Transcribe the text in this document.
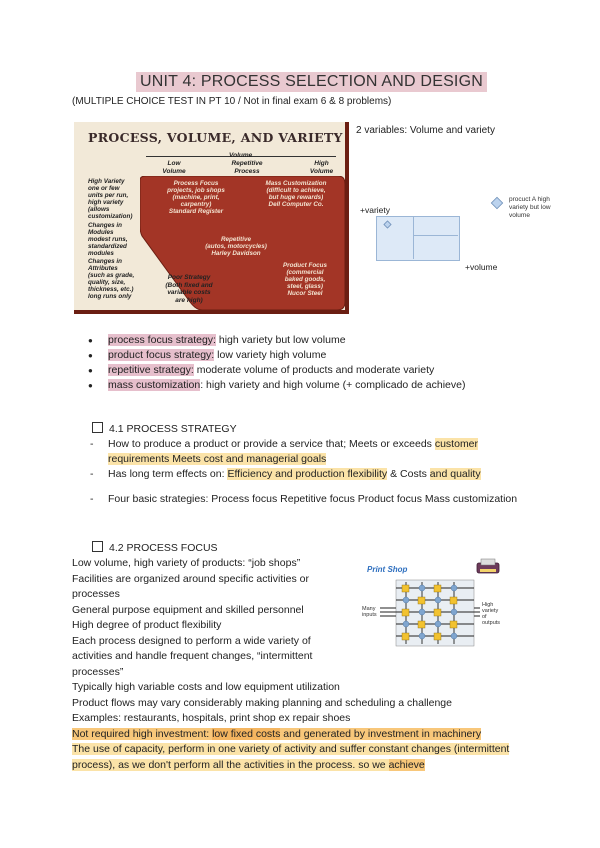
UNIT 4: PROCESS SELECTION AND DESIGN
(MULTIPLE CHOICE TEST IN PT 10 / Not in final exam 6 & 8 problems)
PROCESS, VOLUME, AND VARIETY
Volume
Low
Volume
Repetitive
Process
High
Volume
High Variety
one or few
units per run,
high variety
(allows
customization)
Changes in
Modules
modest runs,
standardized
modules
Changes in
Attributes
(such as grade,
quality, size,
thickness, etc.)
long runs only
Process Focus
projects, job shops
(machine, print,
carpentry)
Standard Register
Mass Customization
(difficult to achieve,
but huge rewards)
Dell Computer Co.
Repetitive
(autos, motorcycles)
Harley Davidson
Product Focus
(commercial
baked goods,
steel, glass)
Nucor Steel
Poor Strategy
(Both fixed and
variable costs
are high)
2 variables: Volume and variety
+variety
+volume
procuct A high
variety but low
volume
● process focus strategy: high variety but low volume
● product focus strategy: low variety high volume
● repetitive strategy: moderate volume of products and moderate variety
● mass customization: high variety and high volume (+ complicado de achieve)
4.1 PROCESS STRATEGY
- How to produce a product or provide a service that; Meets or exceeds customer
requirements Meets cost and managerial goals
- Has long term effects on: Efficiency and production flexibility & Costs and quality
- Four basic strategies: Process focus Repetitive focus Product focus Mass customization
4.2 PROCESS FOCUS
Low volume, high variety of products: “job shops”
Facilities are organized around specific activities or processes
General purpose equipment and skilled personnel
High degree of product flexibility
Each process designed to perform a wide variety of activities and handle frequent changes, “intermittent processes”
Typically high variable costs and low equipment utilization
Product flows may vary considerably making planning and scheduling a challenge
Examples: restaurants, hospitals, print shop ex repair shoes
Not required high investment: low fixed costs and generated by investment in machinery
The use of capacity, perform in one variety of activity and suffer constant changes (intermittent process), as we don't perform all the activities in the process. so we achieve
Print Shop
Many
inputs
High
variety
of
outputs
